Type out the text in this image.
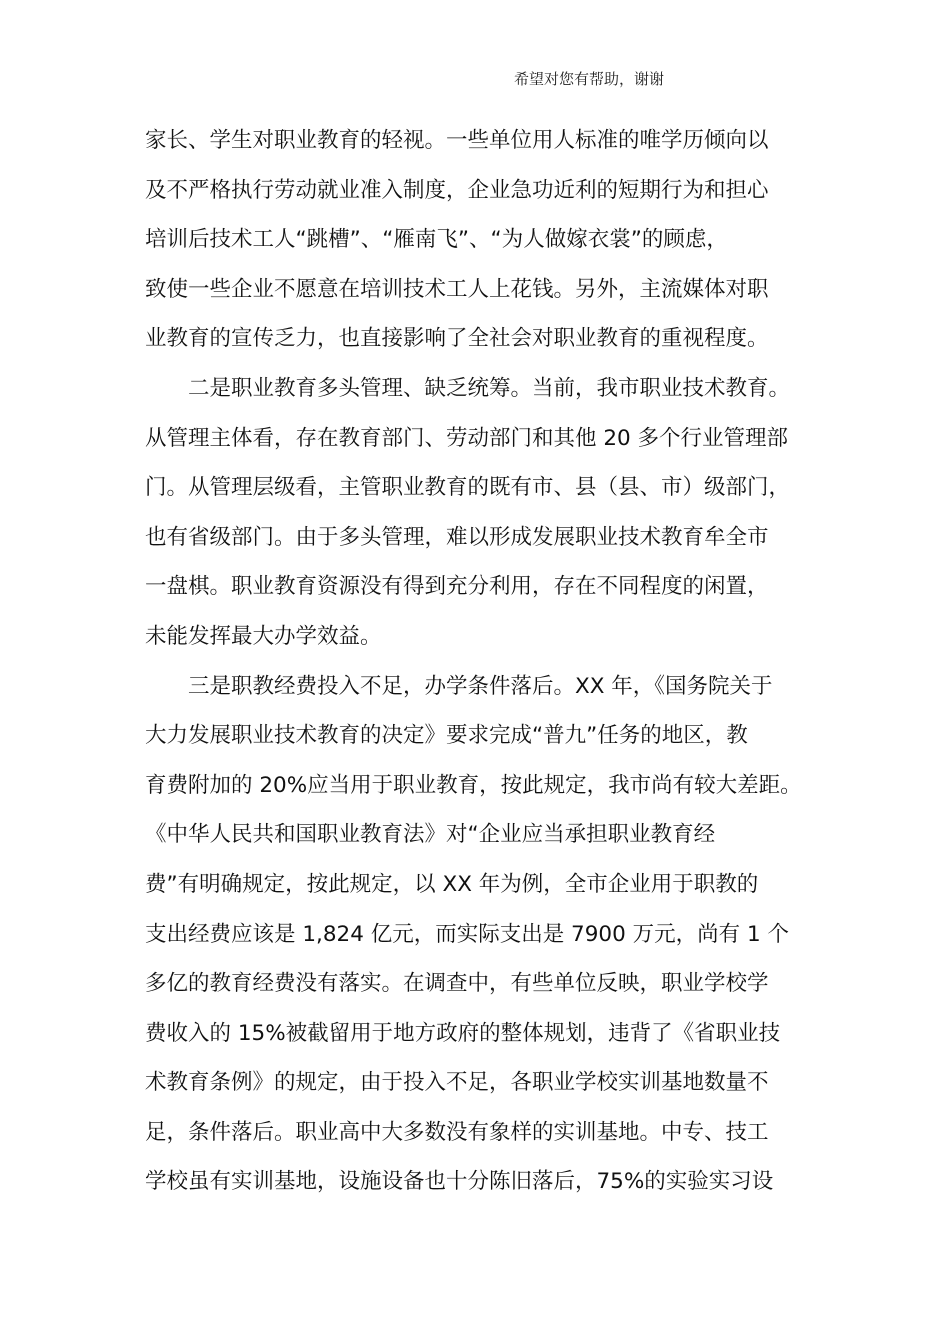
希望对您有帮助，谢谢
家长、学生对职业教育的轻视。一些单位用人标准的唯学历倾向以
及不严格执行劳动就业准入制度，企业急功近利的短期行为和担心
培训后技术工人“跳槽”、“雁南飞”、“为人做嫁衣裳”的顾虑，
致使一些企业不愿意在培训技术工人上花钱。另外，主流媒体对职
业教育的宣传乏力，也直接影响了全社会对职业教育的重视程度。
　　二是职业教育多头管理、缺乏统筹。当前，我市职业技术教育。
从管理主体看，存在教育部门、劳动部门和其他 20 多个行业管理部
门。从管理层级看，主管职业教育的既有市、县（县、市）级部门，
也有省级部门。由于多头管理，难以形成发展职业技术教育牟全市
一盘棋。职业教育资源没有得到充分利用，存在不同程度的闲置，
未能发挥最大办学效益。
　　三是职教经费投入不足，办学条件落后。XX 年，《国务院关于
大力发展职业技术教育的决定》要求完成“普九”任务的地区，教
育费附加的 20%应当用于职业教育，按此规定，我市尚有较大差距。
《中华人民共和国职业教育法》对“企业应当承担职业教育经
费”有明确规定，按此规定，以 XX 年为例，全市企业用于职教的
支出经费应该是 1,824 亿元，而实际支出是 7900 万元，尚有 1 个
多亿的教育经费没有落实。在调查中，有些单位反映，职业学校学
费收入的 15%被截留用于地方政府的整体规划，违背了《省职业技
术教育条例》的规定，由于投入不足，各职业学校实训基地数量不
足，条件落后。职业高中大多数没有象样的实训基地。中专、技工
学校虽有实训基地，设施设备也十分陈旧落后，75%的实验实习设
